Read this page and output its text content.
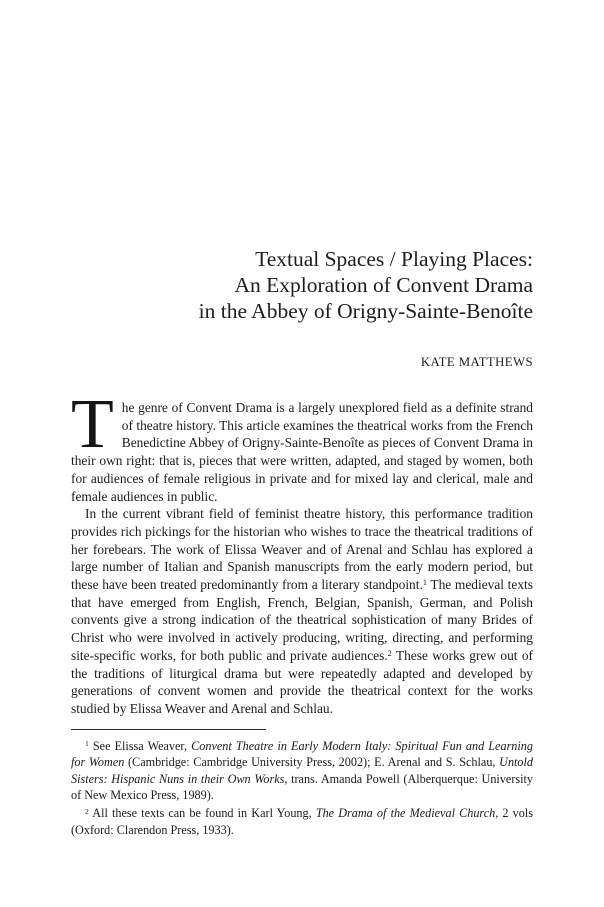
Textual Spaces / Playing Places:
An Exploration of Convent Drama
in the Abbey of Origny-Sainte-Benoîte
KATE MATTHEWS

The genre of Convent Drama is a largely unexplored field as a definite strand of theatre history. This article examines the theatrical works from the French Benedictine Abbey of Origny-Sainte-Benoîte as pieces of Convent Drama in their own right: that is, pieces that were written, adapted, and staged by women, both for audiences of female religious in private and for mixed lay and clerical, male and female audiences in public.

In the current vibrant field of feminist theatre history, this performance tradition provides rich pickings for the historian who wishes to trace the theatrical traditions of her forebears. The work of Elissa Weaver and of Arenal and Schlau has explored a large number of Italian and Spanish manuscripts from the early modern period, but these have been treated predominantly from a literary standpoint.$^1$ The medieval texts that have emerged from English, French, Belgian, Spanish, German, and Polish convents give a strong indication of the theatrical sophistication of many Brides of Christ who were involved in actively producing, writing, directing, and performing site-specific works, for both public and private audiences.$^2$ These works grew out of the traditions of liturgical drama but were repeatedly adapted and developed by generations of convent women and provide the theatrical context for the works studied by Elissa Weaver and Arenal and Schlau.

$^1$ See Elissa Weaver, Convent Theatre in Early Modern Italy: Spiritual Fun and Learning for Women (Cambridge: Cambridge University Press, 2002); E. Arenal and S. Schlau, Untold Sisters: Hispanic Nuns in their Own Works, trans. Amanda Powell (Alberquerque: University of New Mexico Press, 1989).

$^2$ All these texts can be found in Karl Young, The Drama of the Medieval Church, 2 vols (Oxford: Clarendon Press, 1933).
